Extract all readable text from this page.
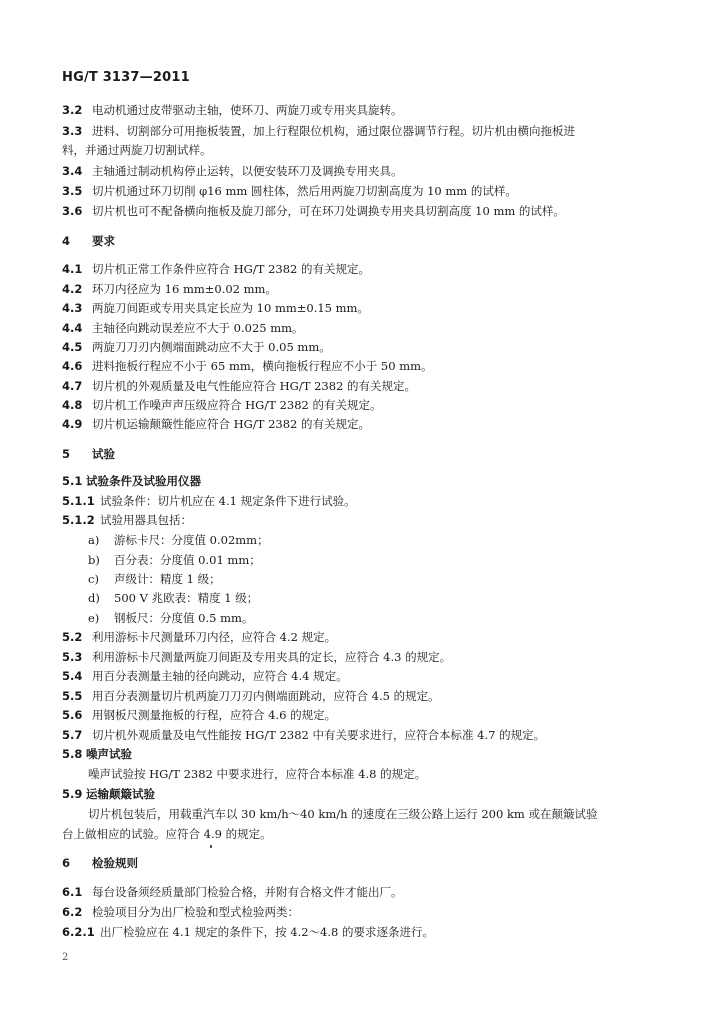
HG/T 3137—2011
3.2 电动机通过皮带驱动主轴，使环刀、两旋刀或专用夹具旋转。
3.3 进料、切割部分可用拖板装置，加上行程限位机构，通过限位器调节行程。切片机由横向拖板进
料，并通过两旋刀切割试样。
3.4 主轴通过制动机构停止运转，以便安装环刀及调换专用夹具。
3.5 切片机通过环刀切削 φ16 mm 圆柱体，然后用两旋刀切割高度为 10 mm 的试样。
3.6 切片机也可不配备横向拖板及旋刀部分，可在环刀处调换专用夹具切割高度 10 mm 的试样。
4 要求
4.1 切片机正常工作条件应符合 HG/T 2382 的有关规定。
4.2 环刀内径应为 16 mm±0.02 mm。
4.3 两旋刀间距或专用夹具定长应为 10 mm±0.15 mm。
4.4 主轴径向跳动误差应不大于 0.025 mm。
4.5 两旋刀刀刃内侧端面跳动应不大于 0.05 mm。
4.6 进料拖板行程应不小于 65 mm，横向拖板行程应不小于 50 mm。
4.7 切片机的外观质量及电气性能应符合 HG/T 2382 的有关规定。
4.8 切片机工作噪声声压级应符合 HG/T 2382 的有关规定。
4.9 切片机运输颠簸性能应符合 HG/T 2382 的有关规定。
5 试验
5.1 试验条件及试验用仪器
5.1.1 试验条件：切片机应在 4.1 规定条件下进行试验。
5.1.2 试验用器具包括：
a) 游标卡尺：分度值 0.02mm；
b) 百分表：分度值 0.01 mm；
c) 声级计：精度 1 级；
d) 500 V 兆欧表：精度 1 级；
e) 钢板尺：分度值 0.5 mm。
5.2 利用游标卡尺测量环刀内径，应符合 4.2 规定。
5.3 利用游标卡尺测量两旋刀间距及专用夹具的定长，应符合 4.3 的规定。
5.4 用百分表测量主轴的径向跳动，应符合 4.4 规定。
5.5 用百分表测量切片机两旋刀刀刃内侧端面跳动，应符合 4.5 的规定。
5.6 用钢板尺测量拖板的行程，应符合 4.6 的规定。
5.7 切片机外观质量及电气性能按 HG/T 2382 中有关要求进行，应符合本标准 4.7 的规定。
5.8 噪声试验
噪声试验按 HG/T 2382 中要求进行，应符合本标准 4.8 的规定。
5.9 运输颠簸试验
切片机包装后，用载重汽车以 30 km/h～40 km/h 的速度在三级公路上运行 200 km 或在颠簸试验
台上做相应的试验。应符合 4.9 的规定。
6 检验规则
6.1 每台设备须经质量部门检验合格，并附有合格文件才能出厂。
6.2 检验项目分为出厂检验和型式检验两类：
6.2.1 出厂检验应在 4.1 规定的条件下，按 4.2～4.8 的要求逐条进行。
2
